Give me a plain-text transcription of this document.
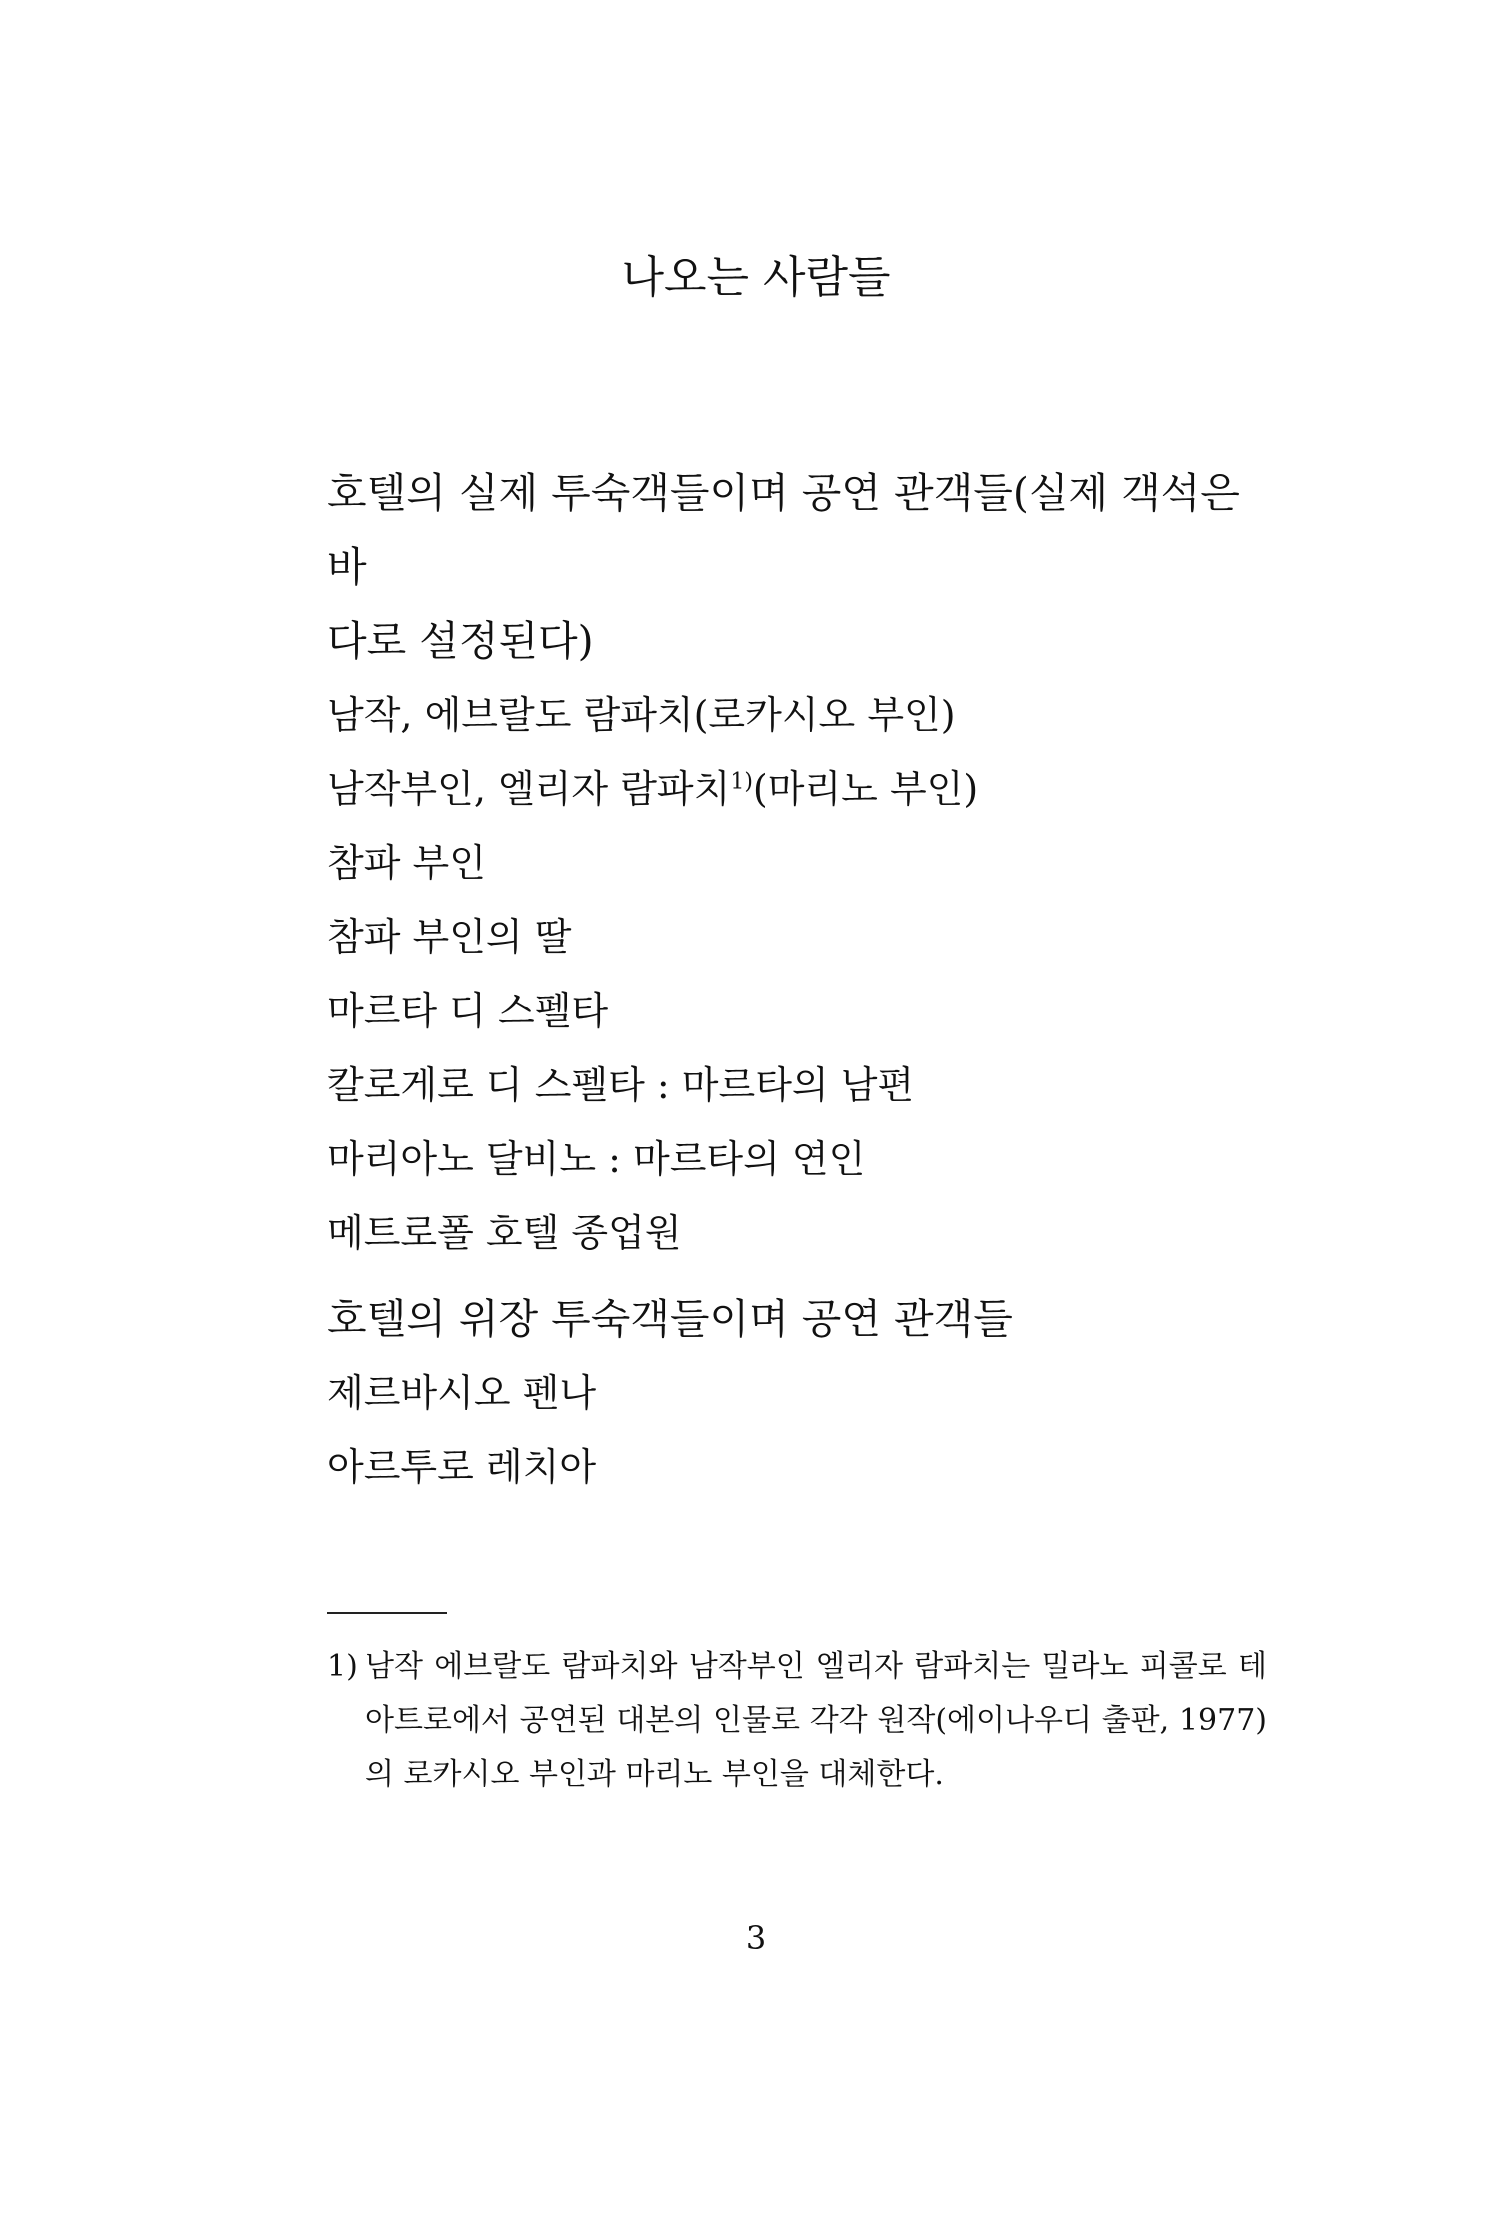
나오는 사람들

호텔의 실제 투숙객들이며 공연 관객들(실제 객석은 바
다로 설정된다)

남작, 에브랄도 람파치(로카시오 부인)

남작부인, 엘리자 람파치$^{1)}$(마리노 부인)

참파 부인

참파 부인의 딸

마르타 디 스펠타

칼로게로 디 스펠타 : 마르타의 남편

마리아노 달비노 : 마르타의 연인

메트로폴 호텔 종업원

호텔의 위장 투숙객들이며 공연 관객들

제르바시오 펜나

아르투로 레치아

1) 남작 에브랄도 람파치와 남작부인 엘리자 람파치는 밀라노 피콜로 테아트로에서 공연된 대본의 인물로 각각 원작(에이나우디 출판, 1977)의 로카시오 부인과 마리노 부인을 대체한다.
3
